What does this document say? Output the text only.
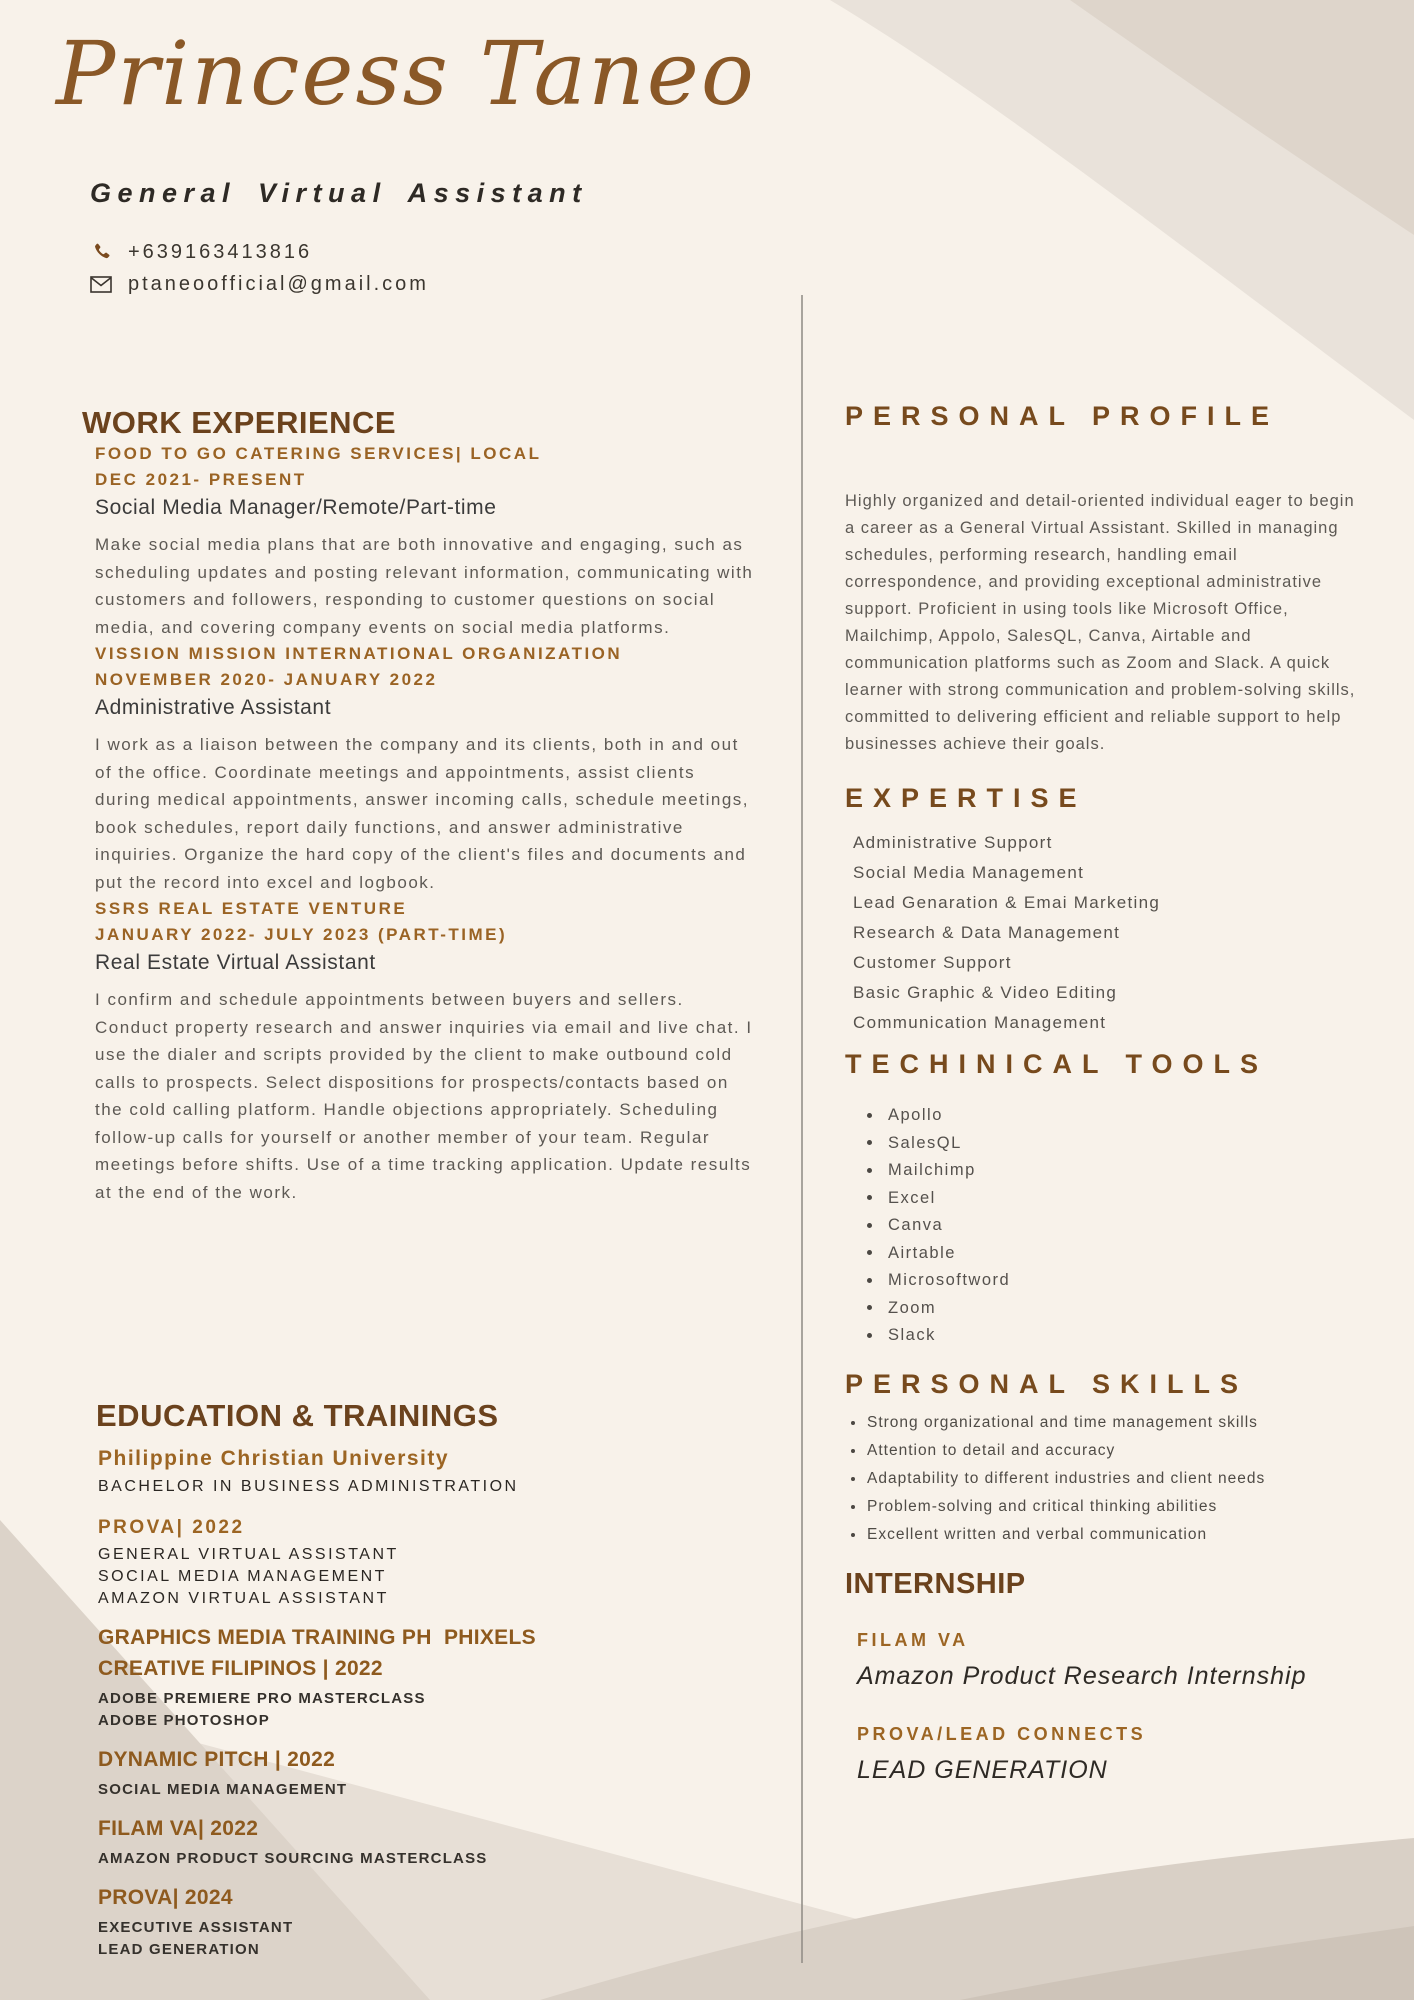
Princess Taneo
General Virtual Assistant
+639163413816
ptaneoofficial@gmail.com
WORK EXPERIENCE
FOOD TO GO CATERING SERVICES| LOCAL
DEC 2021- PRESENT
Social Media Manager/Remote/Part-time
Make social media plans that are both innovative and engaging, such as scheduling updates and posting relevant information, communicating with customers and followers, responding to customer questions on social media, and covering company events on social media platforms.
VISSION MISSION INTERNATIONAL ORGANIZATION
NOVEMBER 2020- JANUARY 2022
Administrative Assistant
I work as a liaison between the company and its clients, both in and out of the office. Coordinate meetings and appointments, assist clients during medical appointments, answer incoming calls, schedule meetings, book schedules, report daily functions, and answer administrative inquiries. Organize the hard copy of the client's files and documents and put the record into excel and logbook.
SSRS REAL ESTATE VENTURE
JANUARY 2022- JULY 2023 (PART-TIME)
Real Estate Virtual Assistant
I confirm and schedule appointments between buyers and sellers. Conduct property research and answer inquiries via email and live chat. I use the dialer and scripts provided by the client to make outbound cold calls to prospects. Select dispositions for prospects/contacts based on the cold calling platform. Handle objections appropriately. Scheduling follow-up calls for yourself or another member of your team. Regular meetings before shifts. Use of a time tracking application. Update results at the end of the work.
EDUCATION & TRAININGS
Philippine Christian University
BACHELOR IN BUSINESS ADMINISTRATION
PROVA| 2022
GENERAL VIRTUAL ASSISTANT
SOCIAL MEDIA MANAGEMENT
AMAZON VIRTUAL ASSISTANT
GRAPHICS MEDIA TRAINING PH  PHIXELS
CREATIVE FILIPINOS | 2022
ADOBE PREMIERE PRO MASTERCLASS
ADOBE PHOTOSHOP
DYNAMIC PITCH | 2022
SOCIAL MEDIA MANAGEMENT
FILAM VA| 2022
AMAZON PRODUCT SOURCING MASTERCLASS
PROVA| 2024
EXECUTIVE ASSISTANT
LEAD GENERATION
PERSONAL PROFILE
Highly organized and detail-oriented individual eager to begin a career as a General Virtual Assistant. Skilled in managing schedules, performing research, handling email correspondence, and providing exceptional administrative support. Proficient in using tools like Microsoft Office, Mailchimp, Appolo, SalesQL, Canva, Airtable and communication platforms such as Zoom and Slack. A quick learner with strong communication and problem-solving skills, committed to delivering efficient and reliable support to help businesses achieve their goals.
EXPERTISE
Administrative Support
Social Media Management
Lead Genaration & Emai Marketing
Research & Data Management
Customer Support
Basic Graphic & Video Editing
Communication Management
TECHINICAL TOOLS
Apollo
SalesQL
Mailchimp
Excel
Canva
Airtable
Microsoftword
Zoom
Slack
PERSONAL SKILLS
Strong organizational and time management skills
Attention to detail and accuracy
Adaptability to different industries and client needs
Problem-solving and critical thinking abilities
Excellent written and verbal communication
INTERNSHIP
FILAM VA
Amazon Product Research Internship
PROVA/LEAD CONNECTS
LEAD GENERATION
